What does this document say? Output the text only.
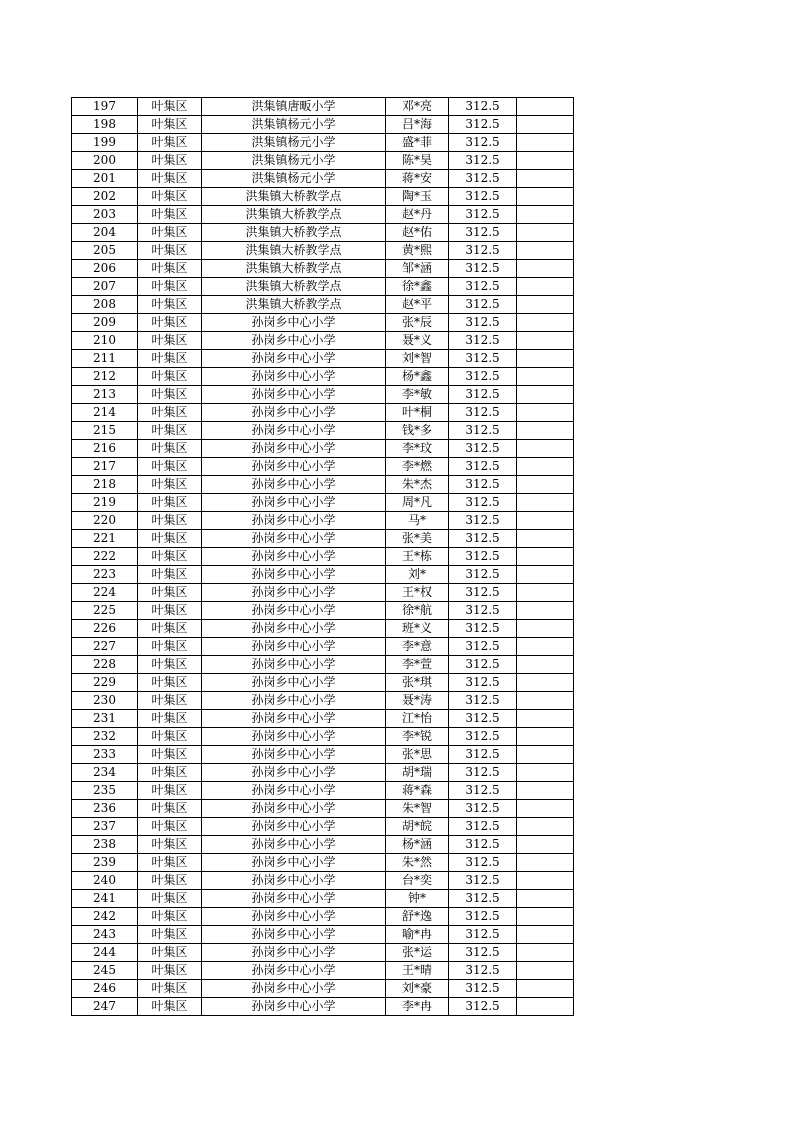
197	叶集区	洪集镇唐畈小学	邓*亮	312.5	
198	叶集区	洪集镇杨元小学	吕*海	312.5	
199	叶集区	洪集镇杨元小学	盛*菲	312.5	
200	叶集区	洪集镇杨元小学	陈*昊	312.5	
201	叶集区	洪集镇杨元小学	蒋*安	312.5	
202	叶集区	洪集镇大桥教学点	陶*玉	312.5	
203	叶集区	洪集镇大桥教学点	赵*丹	312.5	
204	叶集区	洪集镇大桥教学点	赵*佑	312.5	
205	叶集区	洪集镇大桥教学点	黄*熙	312.5	
206	叶集区	洪集镇大桥教学点	邹*涵	312.5	
207	叶集区	洪集镇大桥教学点	徐*鑫	312.5	
208	叶集区	洪集镇大桥教学点	赵*平	312.5	
209	叶集区	孙岗乡中心小学	张*辰	312.5	
210	叶集区	孙岗乡中心小学	聂*义	312.5	
211	叶集区	孙岗乡中心小学	刘*智	312.5	
212	叶集区	孙岗乡中心小学	杨*鑫	312.5	
213	叶集区	孙岗乡中心小学	李*敏	312.5	
214	叶集区	孙岗乡中心小学	叶*桐	312.5	
215	叶集区	孙岗乡中心小学	钱*多	312.5	
216	叶集区	孙岗乡中心小学	李*玟	312.5	
217	叶集区	孙岗乡中心小学	李*燃	312.5	
218	叶集区	孙岗乡中心小学	朱*杰	312.5	
219	叶集区	孙岗乡中心小学	周*凡	312.5	
220	叶集区	孙岗乡中心小学	马*	312.5	
221	叶集区	孙岗乡中心小学	张*美	312.5	
222	叶集区	孙岗乡中心小学	王*栋	312.5	
223	叶集区	孙岗乡中心小学	刘*	312.5	
224	叶集区	孙岗乡中心小学	王*权	312.5	
225	叶集区	孙岗乡中心小学	徐*航	312.5	
226	叶集区	孙岗乡中心小学	班*义	312.5	
227	叶集区	孙岗乡中心小学	李*意	312.5	
228	叶集区	孙岗乡中心小学	李*萱	312.5	
229	叶集区	孙岗乡中心小学	张*琪	312.5	
230	叶集区	孙岗乡中心小学	聂*涛	312.5	
231	叶集区	孙岗乡中心小学	江*怡	312.5	
232	叶集区	孙岗乡中心小学	李*锐	312.5	
233	叶集区	孙岗乡中心小学	张*思	312.5	
234	叶集区	孙岗乡中心小学	胡*瑞	312.5	
235	叶集区	孙岗乡中心小学	蒋*森	312.5	
236	叶集区	孙岗乡中心小学	朱*智	312.5	
237	叶集区	孙岗乡中心小学	胡*皖	312.5	
238	叶集区	孙岗乡中心小学	杨*涵	312.5	
239	叶集区	孙岗乡中心小学	朱*然	312.5	
240	叶集区	孙岗乡中心小学	台*奕	312.5	
241	叶集区	孙岗乡中心小学	钟*	312.5	
242	叶集区	孙岗乡中心小学	舒*逸	312.5	
243	叶集区	孙岗乡中心小学	喻*冉	312.5	
244	叶集区	孙岗乡中心小学	张*运	312.5	
245	叶集区	孙岗乡中心小学	王*晴	312.5	
246	叶集区	孙岗乡中心小学	刘*豪	312.5	
247	叶集区	孙岗乡中心小学	李*冉	312.5	
